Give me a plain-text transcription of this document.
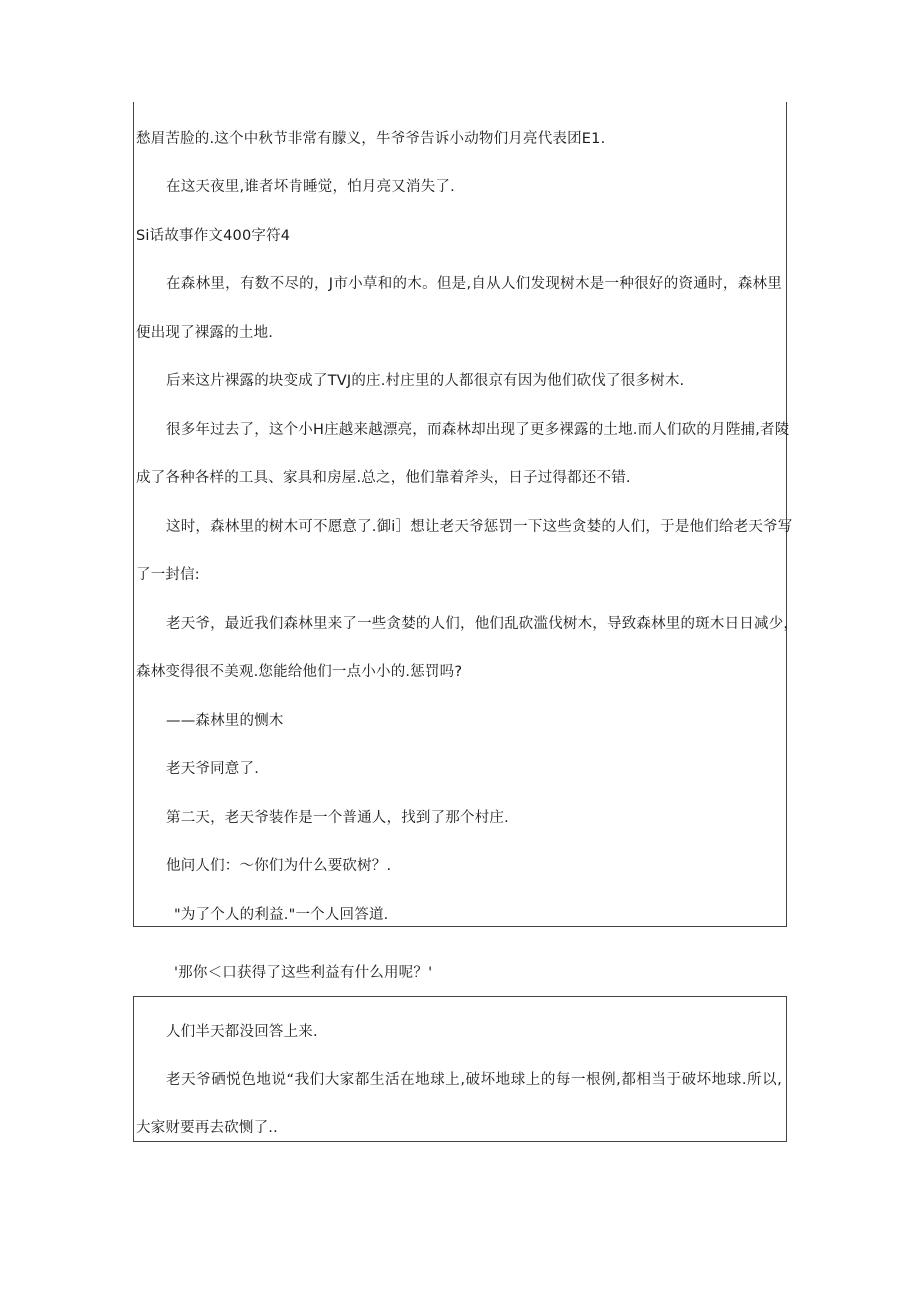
愁眉苦脸的.这个中秋节非常有朦义，牛爷爷告诉小动物们月亮代表团E1.
在这天夜里,谁者坏肯睡觉，怕月亮又消失了.
Si话故事作文400字符4
在森林里，有数不尽的，J市小草和的木。但是,自从人们发现树木是一种很好的资通时，森林里
便出现了裸露的土地.
后来这片裸露的块变成了TVJ的庄.村庄里的人都很京有因为他们砍伐了很多树木.
很多年过去了，这个小H庄越来越漂亮，而森林却出现了更多裸露的土地.而人们砍的月陛捕,者陵
成了各种各样的工具、家具和房屋.总之，他们靠着斧头，日子过得都还不错.
这时，森林里的树木可不愿意了.御i］想让老天爷惩罚一下这些贪婪的人们，于是他们给老天爷写
了一封信:
老天爷，最近我们森林里来了一些贪婪的人们，他们乱砍滥伐树木，导致森林里的斑木日日减少，
森林变得很不美观.您能给他们一点小小的.惩罚吗?
——森林里的恻木
老天爷同意了.
第二天，老天爷装作是一个普通人，找到了那个村庄.
他问人们：〜你们为什么要砍树？.
"为了个人的利益."一个人回答道.
'那你＜口获得了这些利益有什么用呢？'
人们半天都没回答上来.
老天爷硒悦色地说“我们大家都生活在地球上,破坏地球上的每一根例,都相当于破坏地球.所以,
大家财要再去砍恻了..
